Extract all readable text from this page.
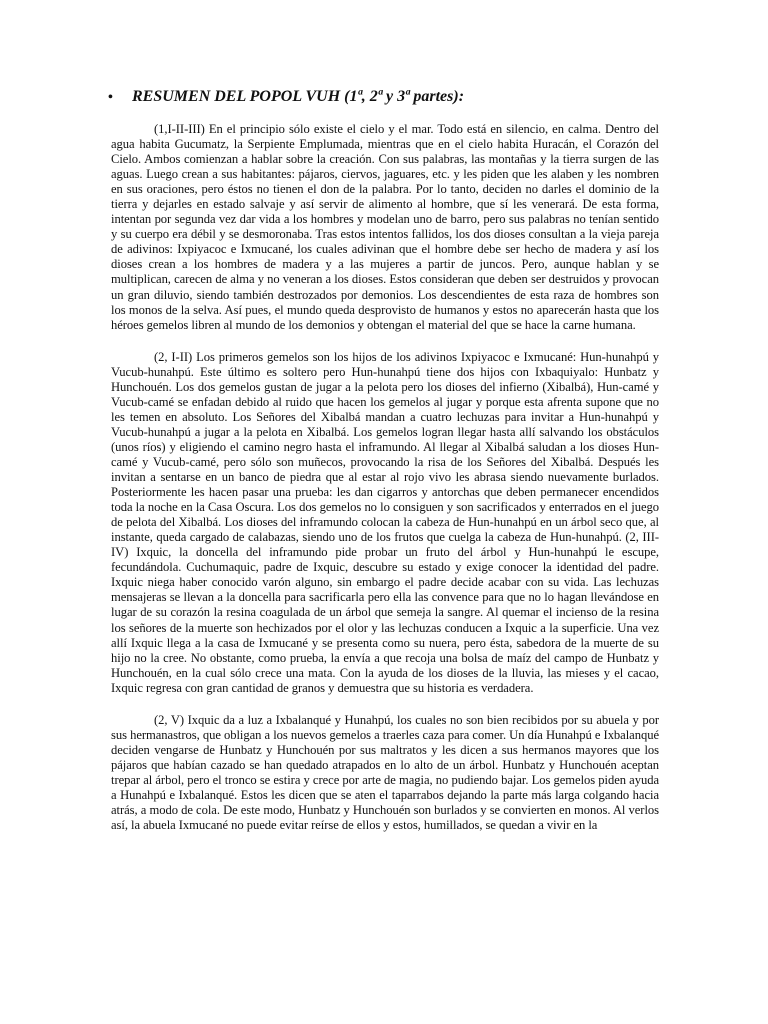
• RESUMEN DEL POPOL VUH (1ª, 2ª y 3ª partes):

(1,I-II-III) En el principio sólo existe el cielo y el mar. Todo está en silencio, en calma. Dentro del agua habita Gucumatz, la Serpiente Emplumada, mientras que en el cielo habita Huracán, el Corazón del Cielo. Ambos comienzan a hablar sobre la creación. Con sus palabras, las montañas y la tierra surgen de las aguas. Luego crean a sus habitantes: pájaros, ciervos, jaguares, etc. y les piden que les alaben y les nombren en sus oraciones, pero éstos no tienen el don de la palabra. Por lo tanto, deciden no darles el dominio de la tierra y dejarles en estado salvaje y así servir de alimento al hombre, que sí les venerará. De esta forma, intentan por segunda vez dar vida a los hombres y modelan uno de barro, pero sus palabras no tenían sentido y su cuerpo era débil y se desmoronaba. Tras estos intentos fallidos, los dos dioses consultan a la vieja pareja de adivinos: Ixpiyacoc e Ixmucané, los cuales adivinan que el hombre debe ser hecho de madera y así los dioses crean a los hombres de madera y a las mujeres a partir de juncos. Pero, aunque hablan y se multiplican, carecen de alma y no veneran a los dioses. Estos consideran que deben ser destruidos y provocan un gran diluvio, siendo también destrozados por demonios. Los descendientes de esta raza de hombres son los monos de la selva. Así pues, el mundo queda desprovisto de humanos y estos no aparecerán hasta que los héroes gemelos libren al mundo de los demonios y obtengan el material del que se hace la carne humana.

(2, I-II) Los primeros gemelos son los hijos de los adivinos Ixpiyacoc e Ixmucané: Hun-hunahpú y Vucub-hunahpú. Este último es soltero pero Hun-hunahpú tiene dos hijos con Ixbaquiyalo: Hunbatz y Hunchouén. Los dos gemelos gustan de jugar a la pelota pero los dioses del infierno (Xibalbá), Hun-camé y Vucub-camé se enfadan debido al ruido que hacen los gemelos al jugar y porque esta afrenta supone que no les temen en absoluto. Los Señores del Xibalbá mandan a cuatro lechuzas para invitar a Hun-hunahpú y Vucub-hunahpú a jugar a la pelota en Xibalbá. Los gemelos logran llegar hasta allí salvando los obstáculos (unos ríos) y eligiendo el camino negro hasta el inframundo. Al llegar al Xibalbá saludan a los dioses Hun-camé y Vucub-camé, pero sólo son muñecos, provocando la risa de los Señores del Xibalbá. Después les invitan a sentarse en un banco de piedra que al estar al rojo vivo les abrasa siendo nuevamente burlados. Posteriormente les hacen pasar una prueba: les dan cigarros y antorchas que deben permanecer encendidos toda la noche en la Casa Oscura. Los dos gemelos no lo consiguen y son sacrificados y enterrados en el juego de pelota del Xibalbá. Los dioses del inframundo colocan la cabeza de Hun-hunahpú en un árbol seco que, al instante, queda cargado de calabazas, siendo uno de los frutos que cuelga la cabeza de Hun-hunahpú. (2, III-IV) Ixquic, la doncella del inframundo pide probar un fruto del árbol y Hun-hunahpú le escupe, fecundándola. Cuchumaquic, padre de Ixquic, descubre su estado y exige conocer la identidad del padre. Ixquic niega haber conocido varón alguno, sin embargo el padre decide acabar con su vida. Las lechuzas mensajeras se llevan a la doncella para sacrificarla pero ella las convence para que no lo hagan llevándose en lugar de su corazón la resina coagulada de un árbol que semeja la sangre. Al quemar el incienso de la resina los señores de la muerte son hechizados por el olor y las lechuzas conducen a Ixquic a la superficie. Una vez allí Ixquic llega a la casa de Ixmucané y se presenta como su nuera, pero ésta, sabedora de la muerte de su hijo no la cree. No obstante, como prueba, la envía a que recoja una bolsa de maíz del campo de Hunbatz y Hunchouén, en la cual sólo crece una mata. Con la ayuda de los dioses de la lluvia, las mieses y el cacao, Ixquic regresa con gran cantidad de granos y demuestra que su historia es verdadera.

(2, V) Ixquic da a luz a Ixbalanqué y Hunahpú, los cuales no son bien recibidos por su abuela y por sus hermanastros, que obligan a los nuevos gemelos a traerles caza para comer. Un día Hunahpú e Ixbalanqué deciden vengarse de Hunbatz y Hunchouén por sus maltratos y les dicen a sus hermanos mayores que los pájaros que habían cazado se han quedado atrapados en lo alto de un árbol. Hunbatz y Hunchouén aceptan trepar al árbol, pero el tronco se estira y crece por arte de magia, no pudiendo bajar. Los gemelos piden ayuda a Hunahpú e Ixbalanqué. Estos les dicen que se aten el taparrabos dejando la parte más larga colgando hacia atrás, a modo de cola. De este modo, Hunbatz y Hunchouén son burlados y se convierten en monos. Al verlos así, la abuela Ixmucané no puede evitar reírse de ellos y estos, humillados, se quedan a vivir en la
